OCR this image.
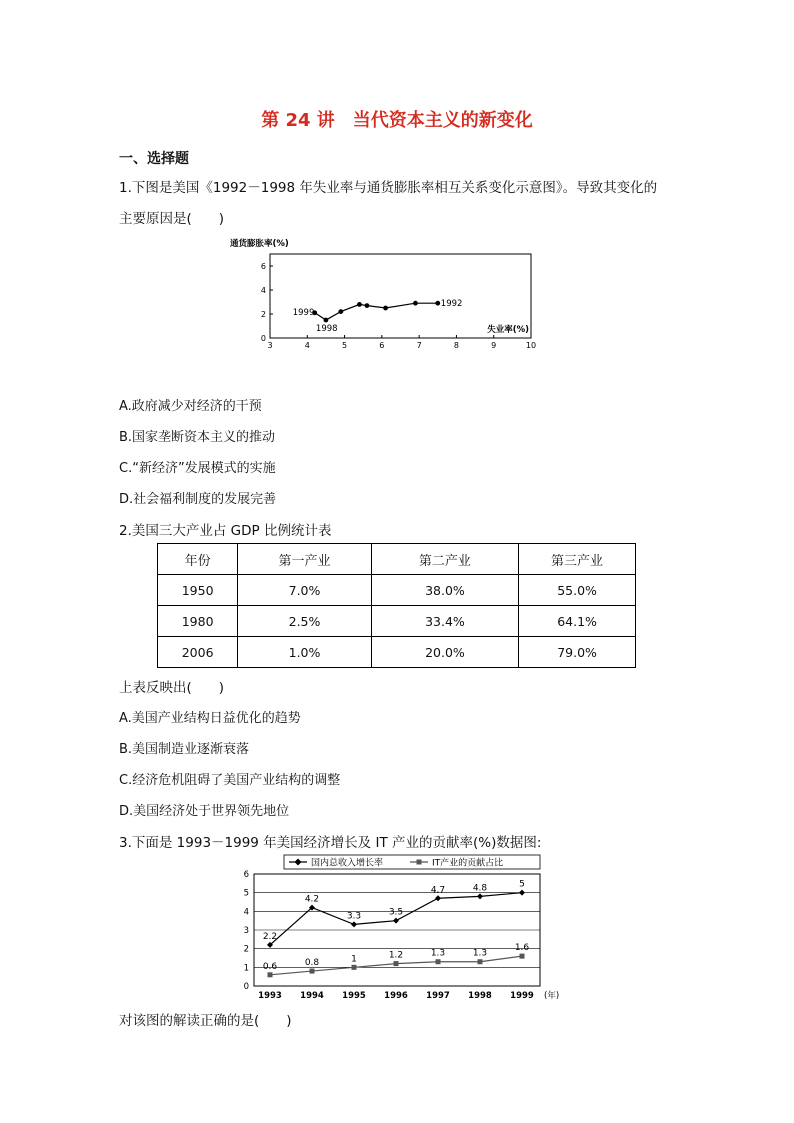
第 24 讲　当代资本主义的新变化
一、选择题
1.下图是美国《1992－1998 年失业率与通货膨胀率相互关系变化示意图》。导致其变化的
主要原因是(　　)
通货膨胀率(%)
失业率(%)
3	4	5	6	7	8	9	10
0
2
4
6
1999
1998
1992
A.政府减少对经济的干预
B.国家垄断资本主义的推动
C.“新经济”发展模式的实施
D.社会福利制度的发展完善
2.美国三大产业占 GDP 比例统计表
年份	第一产业	第二产业	第三产业
1950	7.0%	38.0%	55.0%
1980	2.5%	33.4%	64.1%
2006	1.0%	20.0%	79.0%
上表反映出(　　)
A.美国产业结构日益优化的趋势
B.美国制造业逐渐衰落
C.经济危机阻碍了美国产业结构的调整
D.美国经济处于世界领先地位
3.下面是 1993－1999 年美国经济增长及 IT 产业的贡献率(%)数据图:
国内总收入增长率	IT产业的贡献占比
0
1
2
3
4
5
6
1993 1994 1995 1996 1997 1998 1999 (年)
2.2
4.2
3.3	3.5
4.7	4.8	5
0.6	0.8	1	1.2	1.3	1.3
1.6
对该图的解读正确的是(　　)
